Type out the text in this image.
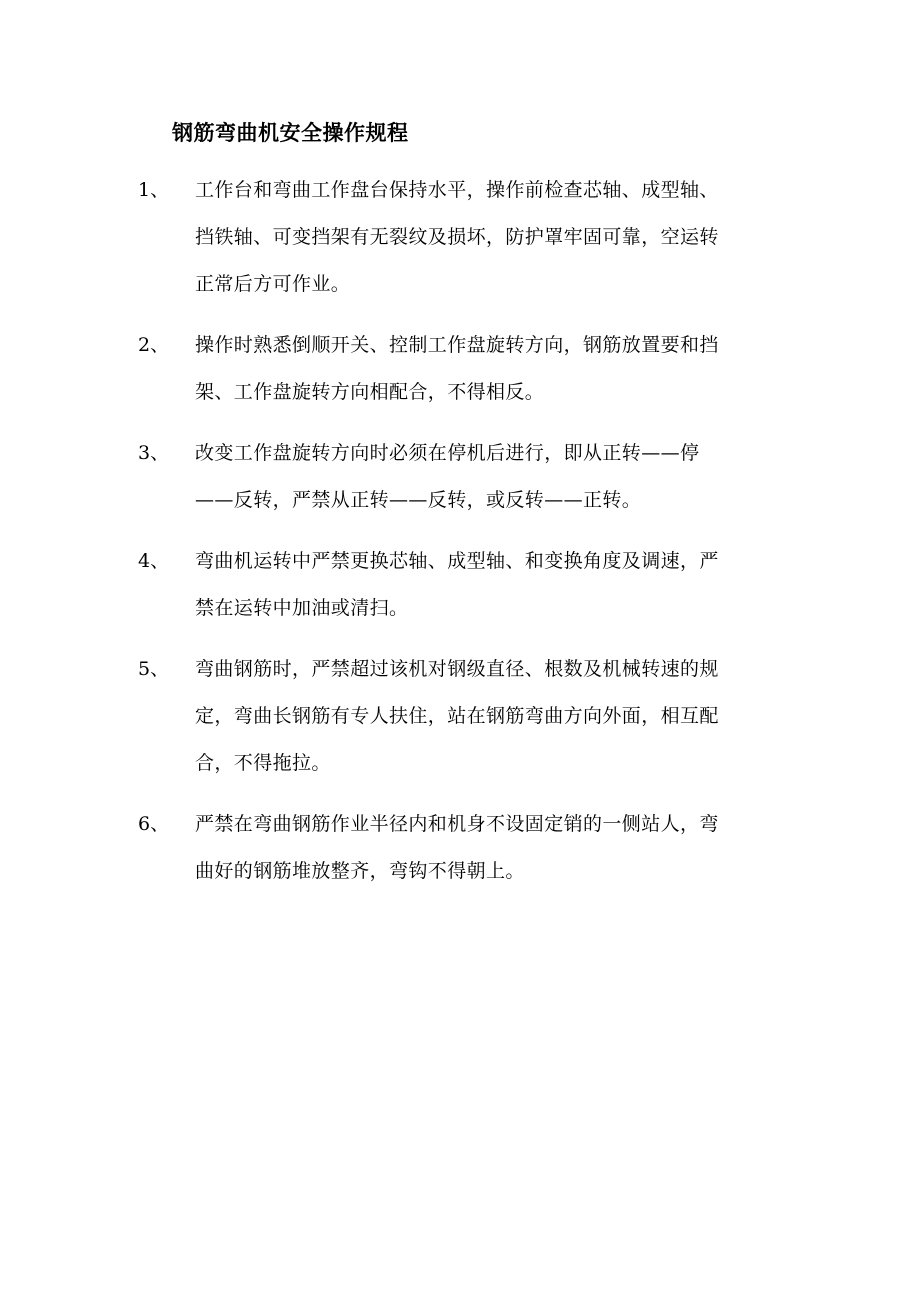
钢筋弯曲机安全操作规程
1、 工作台和弯曲工作盘台保持水平，操作前检查芯轴、成型轴、
挡铁轴、可变挡架有无裂纹及损坏，防护罩牢固可靠，空运转
正常后方可作业。
2、 操作时熟悉倒顺开关、控制工作盘旋转方向，钢筋放置要和挡
架、工作盘旋转方向相配合，不得相反。
3、 改变工作盘旋转方向时必须在停机后进行，即从正转——停
——反转，严禁从正转——反转，或反转——正转。
4、 弯曲机运转中严禁更换芯轴、成型轴、和变换角度及调速，严
禁在运转中加油或清扫。
5、 弯曲钢筋时，严禁超过该机对钢级直径、根数及机械转速的规
定，弯曲长钢筋有专人扶住，站在钢筋弯曲方向外面，相互配
合，不得拖拉。
6、 严禁在弯曲钢筋作业半径内和机身不设固定销的一侧站人，弯
曲好的钢筋堆放整齐，弯钩不得朝上。
